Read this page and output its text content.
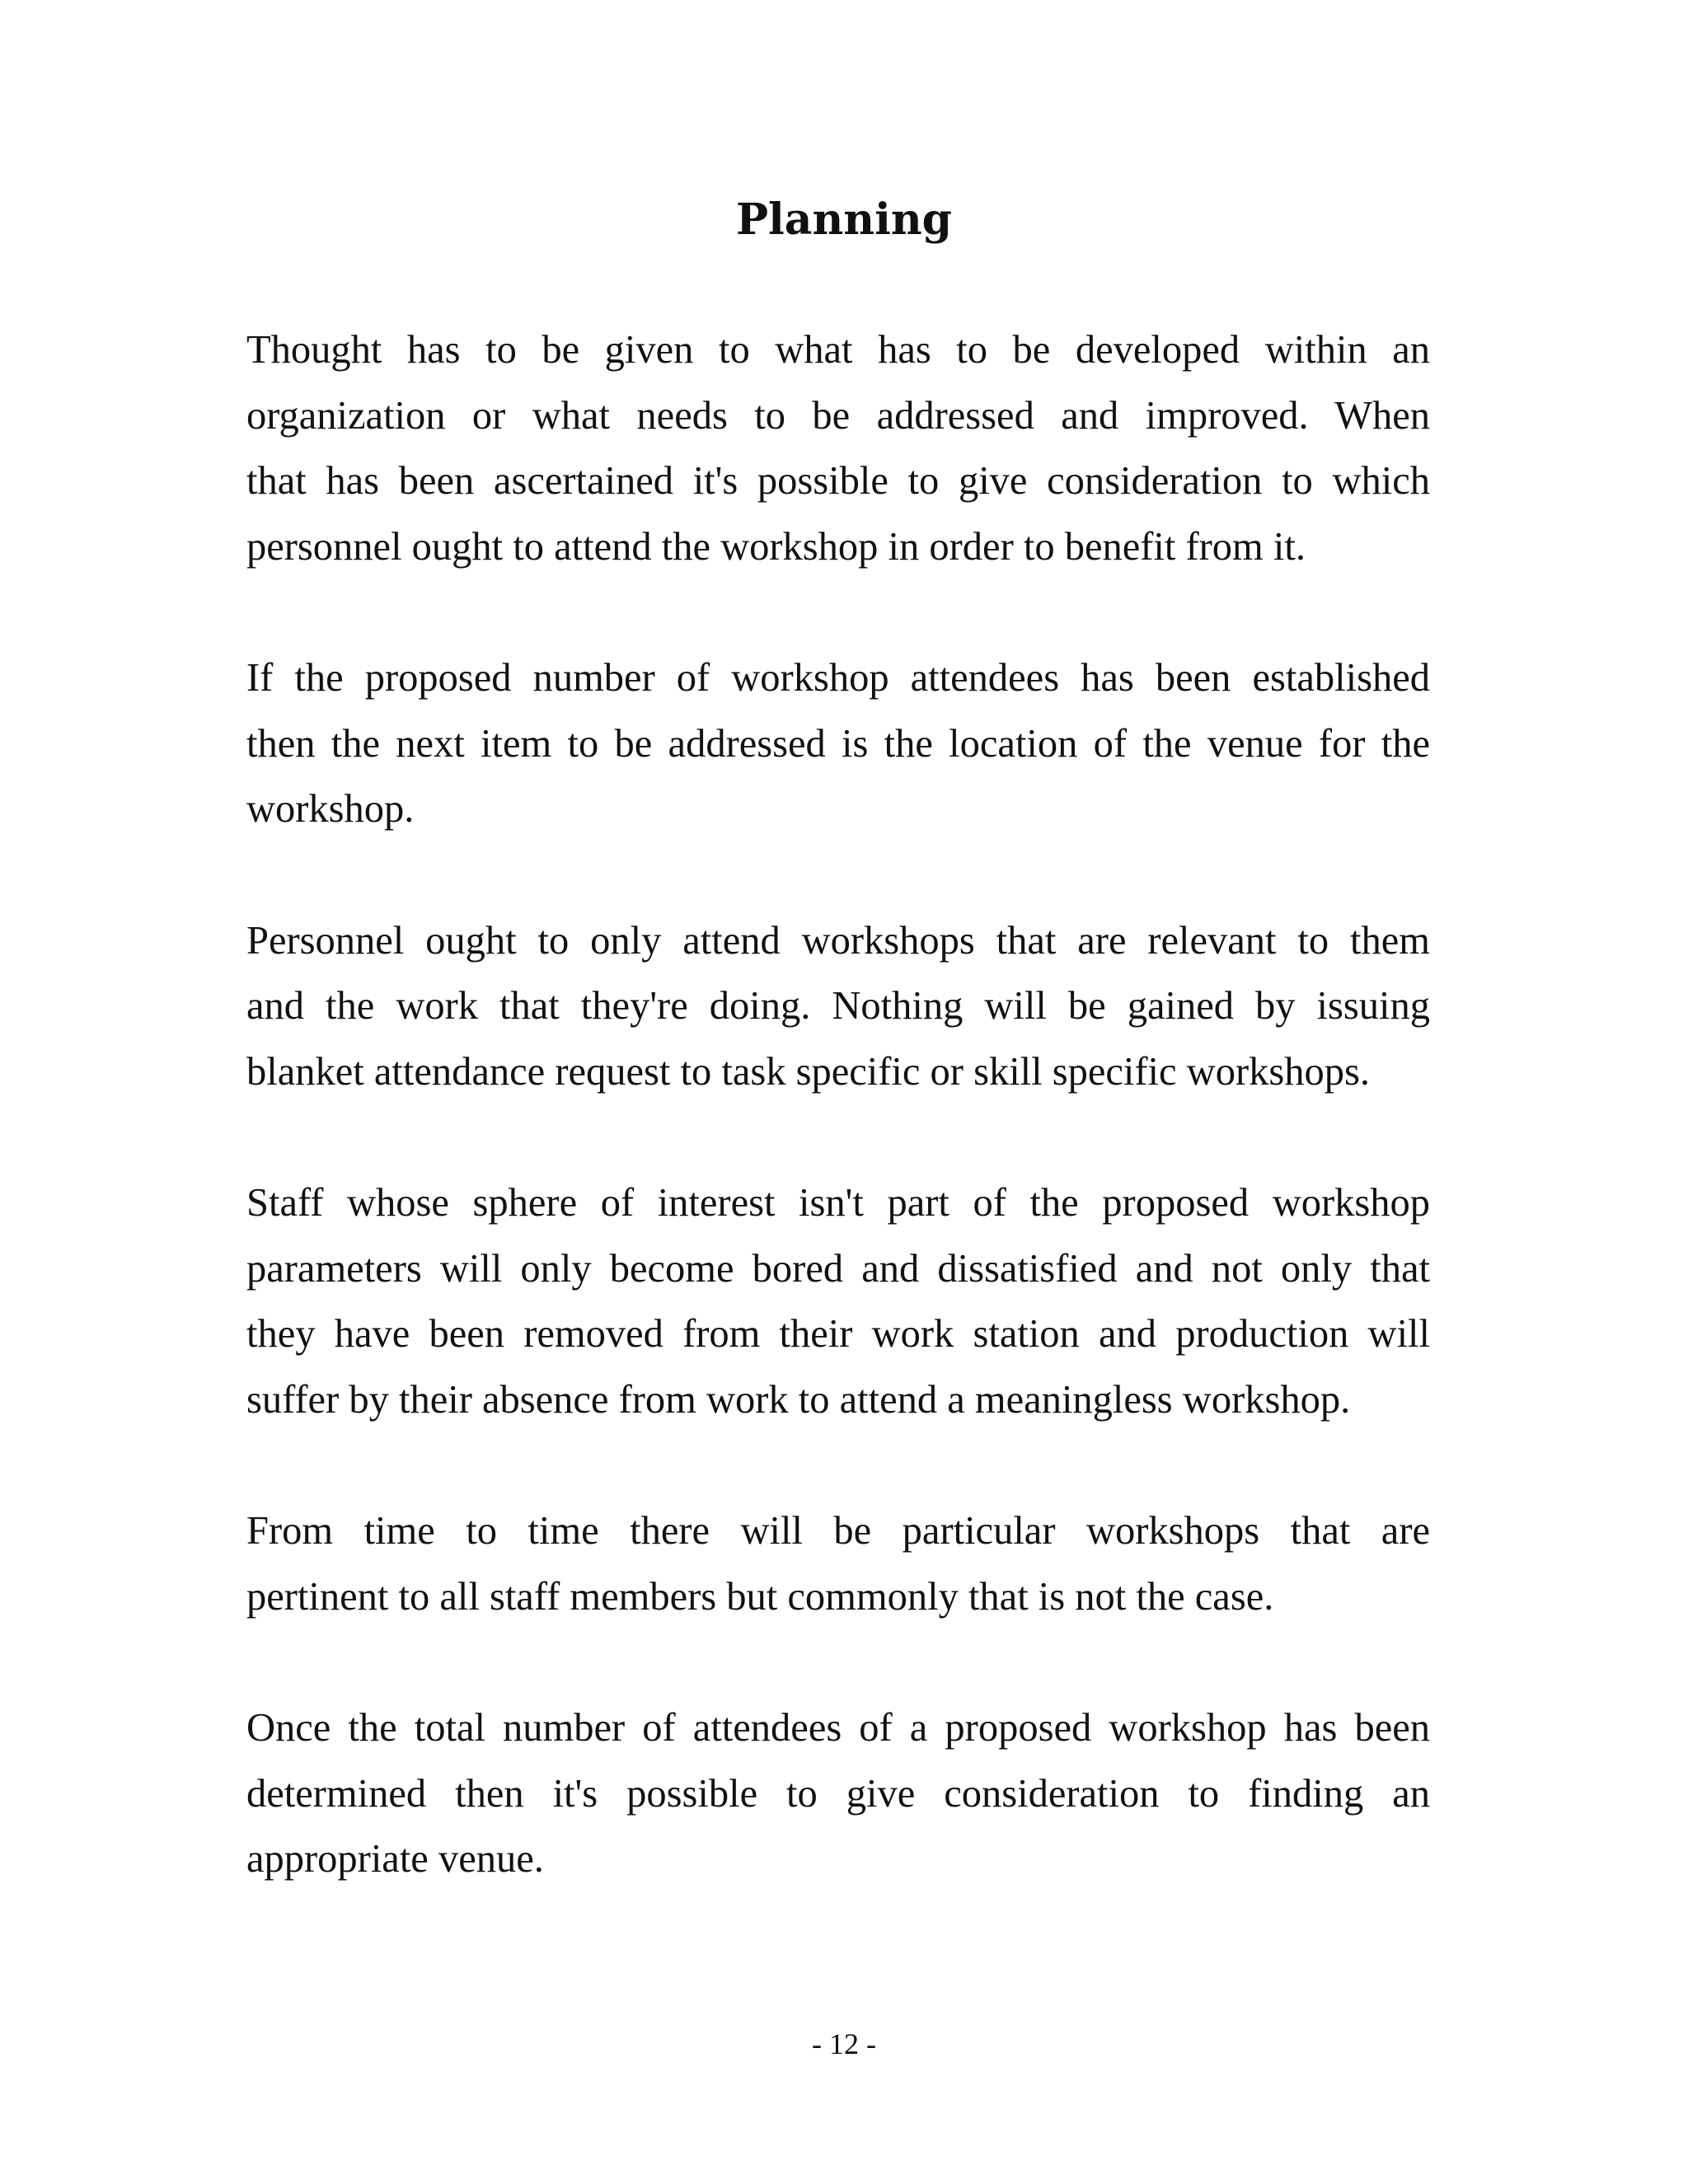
Planning

Thought has to be given to what has to be developed within an
organization or what needs to be addressed and improved. When
that has been ascertained it's possible to give consideration to which
personnel ought to attend the workshop in order to benefit from it.

If the proposed number of workshop attendees has been established
then the next item to be addressed is the location of the venue for the
workshop.

Personnel ought to only attend workshops that are relevant to them
and the work that they're doing. Nothing will be gained by issuing
blanket attendance request to task specific or skill specific workshops.

Staff whose sphere of interest isn't part of the proposed workshop
parameters will only become bored and dissatisfied and not only that
they have been removed from their work station and production will
suffer by their absence from work to attend a meaningless workshop.

From time to time there will be particular workshops that are
pertinent to all staff members but commonly that is not the case.

Once the total number of attendees of a proposed workshop has been
determined then it's possible to give consideration to finding an
appropriate venue.

- 12 -
